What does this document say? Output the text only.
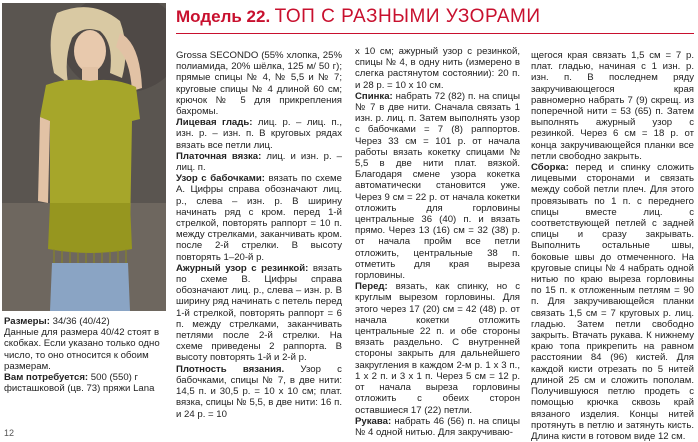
Модель 22. ТОП С РАЗНЫМИ УЗОРАМИ

Размеры: 34/36 (40/42)

Данные для размера 40/42 стоят в скобках. Если указано только одно число, то оно относится к обоим размерам.

Вам потребуется: 500 (550) г фисташковой (цв. 73) пряжи Lana

Grossa SECONDO (55% хлопка, 25% полиамида, 20% шёлка, 125 м/ 50 г); прямые спицы № 4, № 5,5 и № 7; круговые спицы № 4 длиной 60 см; крючок № 5 для прикрепления бахромы.

Лицевая гладь: лиц. р. – лиц. п., изн. р. – изн. п. В круговых рядах вязать все петли лиц.

Платочная вязка: лиц. и изн. р. – лиц. п.

Узор с бабочками: вязать по схеме А. Цифры справа обозначают лиц. р., слева – изн. р. В ширину начинать ряд с кром. перед 1-й стрелкой, повторять раппорт = 10 п. между стрелками, заканчивать кром. после 2-й стрелки. В высоту повторять 1–20-й р.

Ажурный узор с резинкой: вязать по схеме В. Цифры справа обозначают лиц. р., слева – изн. р. В ширину ряд начинать с петель перед 1-й стрелкой, повторять раппорт = 6 п. между стрелками, заканчивать петлями после 2-й стрелки. На схеме приведены 2 раппорта. В высоту повторять 1-й и 2-й р.

Плотность вязания. Узор с бабочками, спицы № 7, в две нити: 14,5 п. и 30,5 р. = 10 х 10 см; плат. вязка, спицы № 5,5, в две нити: 16 п. и 24 р. = 10

х 10 см; ажурный узор с резинкой, спицы № 4, в одну нить (измерено в слегка растянутом состоянии): 20 п. и 28 р. = 10 х 10 см.

Спинка: набрать 72 (82) п. на спицы № 7 в две нити. Сначала связать 1 изн. р. лиц. п. Затем выполнять узор с бабочками = 7 (8) раппортов. Через 33 см = 101 р. от начала работы вязать кокетку спицами № 5,5 в две нити плат. вязкой. Благодаря смене узора кокетка автоматически становится уже. Через 9 см = 22 р. от начала кокетки отложить для горловины центральные 36 (40) п. и вязать прямо. Через 13 (16) см = 32 (38) р. от начала пройм все петли отложить, центральные 38 п. отметить для края выреза горловины.

Перед: вязать, как спинку, но с круглым вырезом горловины. Для этого через 17 (20) см = 42 (48) р. от начала кокетки отложить центральные 22 п. и обе стороны вязать раздельно. С внутренней стороны закрыть для дальнейшего закругления в каждом 2-м р. 1 х 3 п., 1 х 2 п. и 3 х 1 п. Через 5 см = 12 р. от начала выреза горловины отложить с обеих сторон оставшиеся 17 (22) петли.

Рукава: набрать 46 (56) п. на спицы № 4 одной нитью. Для закручиваю-

щегося края связать 1,5 см = 7 р. плат. гладью, начиная с 1 изн. р. изн. п. В последнем ряду закручивающегося края равномерно набрать 7 (9) скрещ. из поперечной нити = 53 (65) п. Затем выполнять ажурный узор с резинкой. Через 6 см = 18 р. от конца закручивающейся планки все петли свободно закрыть.

Сборка: перед и спинку сложить лицевыми сторонами и связать между собой петли плеч. Для этого провязывать по 1 п. с переднего спицы вместе лиц. с соответствующей петлей с задней спицы и сразу закрывать. Выполнить остальные швы, боковые швы до отмеченного. На круговые спицы № 4 набрать одной нитью по краю выреза горловины по 15 п. к отложенным петлям = 90 п. Для закручивающейся планки связать 1,5 см = 7 круговых р. лиц. гладью. Затем петли свободно закрыть. Втачать рукава. К нижнему краю топа прикрепить на равном расстоянии 84 (96) кистей. Для каждой кисти отрезать по 5 нитей длиной 25 см и сложить пополам. Получившуюся петлю продеть с помощью крючка сквозь край вязаного изделия. Концы нитей протянуть в петлю и затянуть кисть. Длина кисти в готовом виде 12 см.

12
